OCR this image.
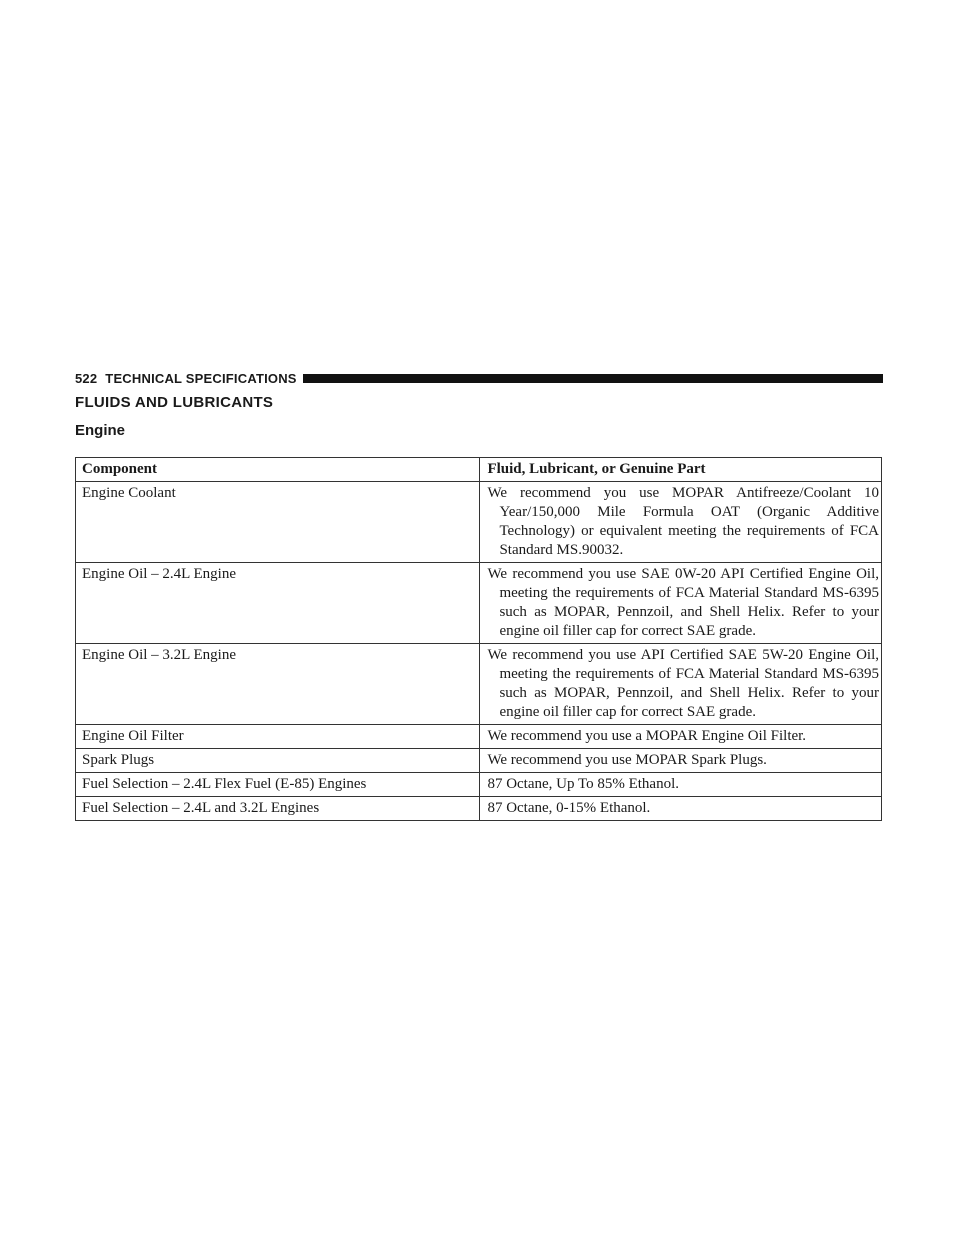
522 TECHNICAL SPECIFICATIONS
FLUIDS AND LUBRICANTS
Engine
Component	Fluid, Lubricant, or Genuine Part
Engine Coolant	We recommend you use MOPAR Antifreeze/Coolant 10 Year/150,000 Mile Formula OAT (Organic Additive Technology) or equivalent meeting the requirements of FCA Standard MS.90032.

Engine Oil – 2.4L Engine	We recommend you use SAE 0W-20 API Certified Engine Oil, meeting the requirements of FCA Material Standard MS-6395 such as MOPAR, Pennzoil, and Shell Helix. Refer to your engine oil filler cap for correct SAE grade.

Engine Oil – 3.2L Engine	We recommend you use API Certified SAE 5W-20 Engine Oil, meeting the requirements of FCA Material Standard MS-6395 such as MOPAR, Pennzoil, and Shell Helix. Refer to your engine oil filler cap for correct SAE grade.

Engine Oil Filter	We recommend you use a MOPAR Engine Oil Filter.

Spark Plugs	We recommend you use MOPAR Spark Plugs.

Fuel Selection – 2.4L Flex Fuel (E-85) Engines	87 Octane, Up To 85% Ethanol.

Fuel Selection – 2.4L and 3.2L Engines	87 Octane, 0-15% Ethanol.
